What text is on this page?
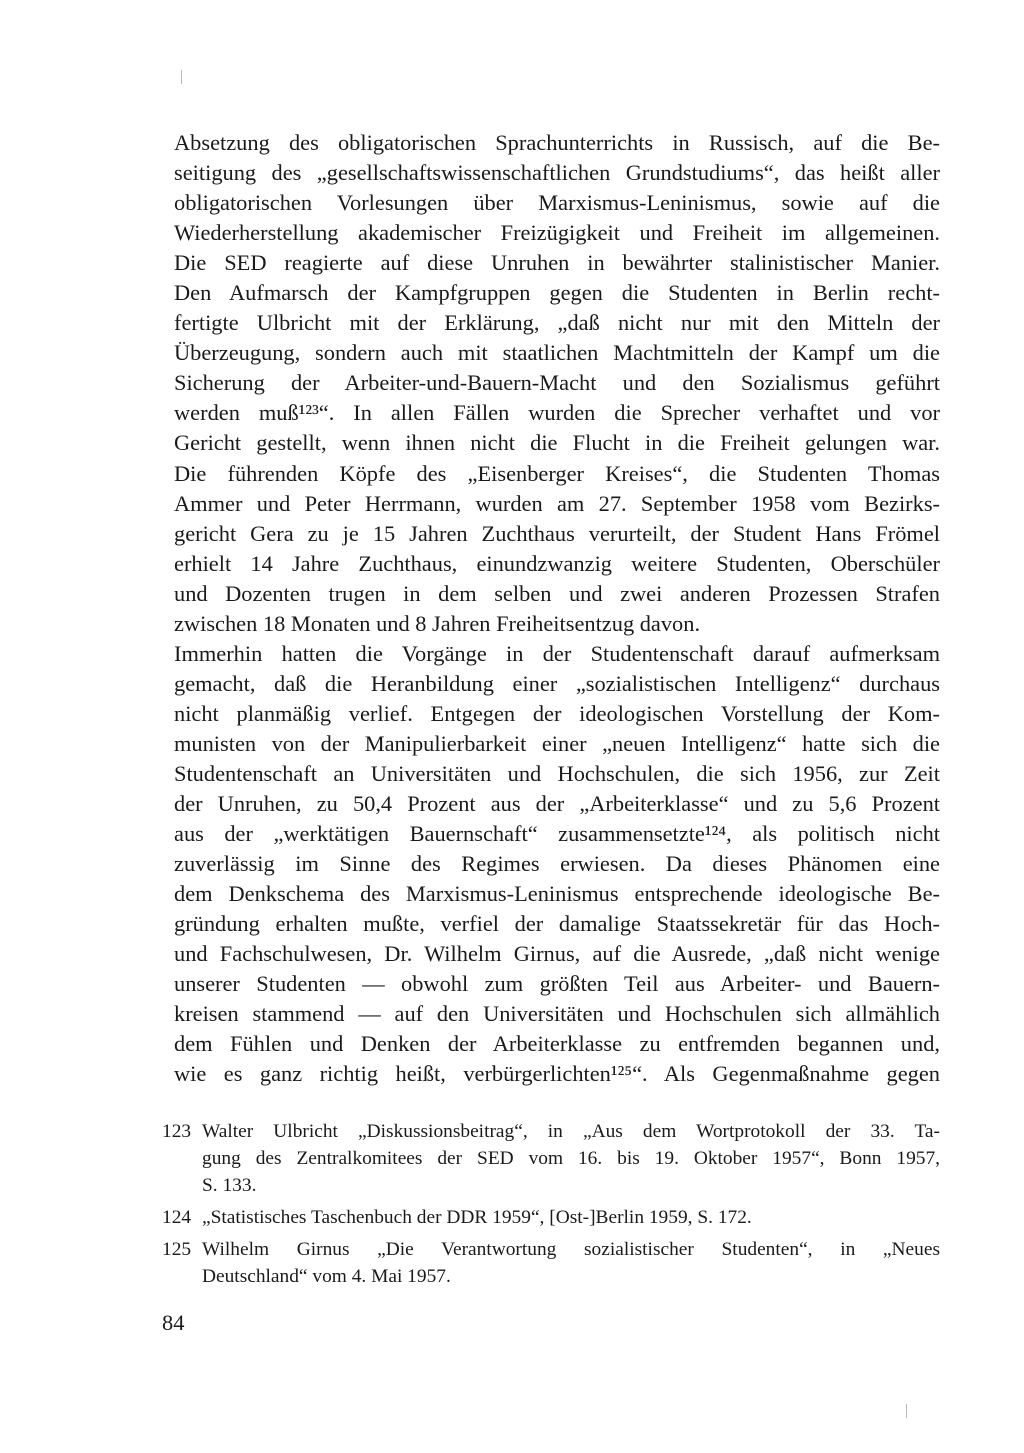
Absetzung des obligatorischen Sprachunterrichts in Russisch, auf die Be-
seitigung des „gesellschaftswissenschaftlichen Grundstudiums“, das heißt aller
obligatorischen Vorlesungen über Marxismus-Leninismus, sowie auf die
Wiederherstellung akademischer Freizügigkeit und Freiheit im allgemeinen.
Die SED reagierte auf diese Unruhen in bewährter stalinistischer Manier.
Den Aufmarsch der Kampfgruppen gegen die Studenten in Berlin recht-
fertigte Ulbricht mit der Erklärung, „daß nicht nur mit den Mitteln der
Überzeugung, sondern auch mit staatlichen Machtmitteln der Kampf um die
Sicherung der Arbeiter-und-Bauern-Macht und den Sozialismus geführt
werden muß¹²³“. In allen Fällen wurden die Sprecher verhaftet und vor
Gericht gestellt, wenn ihnen nicht die Flucht in die Freiheit gelungen war.
Die führenden Köpfe des „Eisenberger Kreises“, die Studenten Thomas
Ammer und Peter Herrmann, wurden am 27. September 1958 vom Bezirks-
gericht Gera zu je 15 Jahren Zuchthaus verurteilt, der Student Hans Frömel
erhielt 14 Jahre Zuchthaus, einundzwanzig weitere Studenten, Oberschüler
und Dozenten trugen in dem selben und zwei anderen Prozessen Strafen
zwischen 18 Monaten und 8 Jahren Freiheitsentzug davon.
Immerhin hatten die Vorgänge in der Studentenschaft darauf aufmerksam
gemacht, daß die Heranbildung einer „sozialistischen Intelligenz“ durchaus
nicht planmäßig verlief. Entgegen der ideologischen Vorstellung der Kom-
munisten von der Manipulierbarkeit einer „neuen Intelligenz“ hatte sich die
Studentenschaft an Universitäten und Hochschulen, die sich 1956, zur Zeit
der Unruhen, zu 50,4 Prozent aus der „Arbeiterklasse“ und zu 5,6 Prozent
aus der „werktätigen Bauernschaft“ zusammensetzte¹²⁴, als politisch nicht
zuverlässig im Sinne des Regimes erwiesen. Da dieses Phänomen eine
dem Denkschema des Marxismus-Leninismus entsprechende ideologische Be-
gründung erhalten mußte, verfiel der damalige Staatssekretär für das Hoch-
und Fachschulwesen, Dr. Wilhelm Girnus, auf die Ausrede, „daß nicht wenige
unserer Studenten — obwohl zum größten Teil aus Arbeiter- und Bauern-
kreisen stammend — auf den Universitäten und Hochschulen sich allmählich
dem Fühlen und Denken der Arbeiterklasse zu entfremden begannen und,
wie es ganz richtig heißt, verbürgerlichten¹²⁵“. Als Gegenmaßnahme gegen
123 Walter Ulbricht „Diskussionsbeitrag“, in „Aus dem Wortprotokoll der 33. Ta-
gung des Zentralkomitees der SED vom 16. bis 19. Oktober 1957“, Bonn 1957,
S. 133.
124 „Statistisches Taschenbuch der DDR 1959“, [Ost-]Berlin 1959, S. 172.
125 Wilhelm Girnus „Die Verantwortung sozialistischer Studenten“, in „Neues
Deutschland“ vom 4. Mai 1957.
84
